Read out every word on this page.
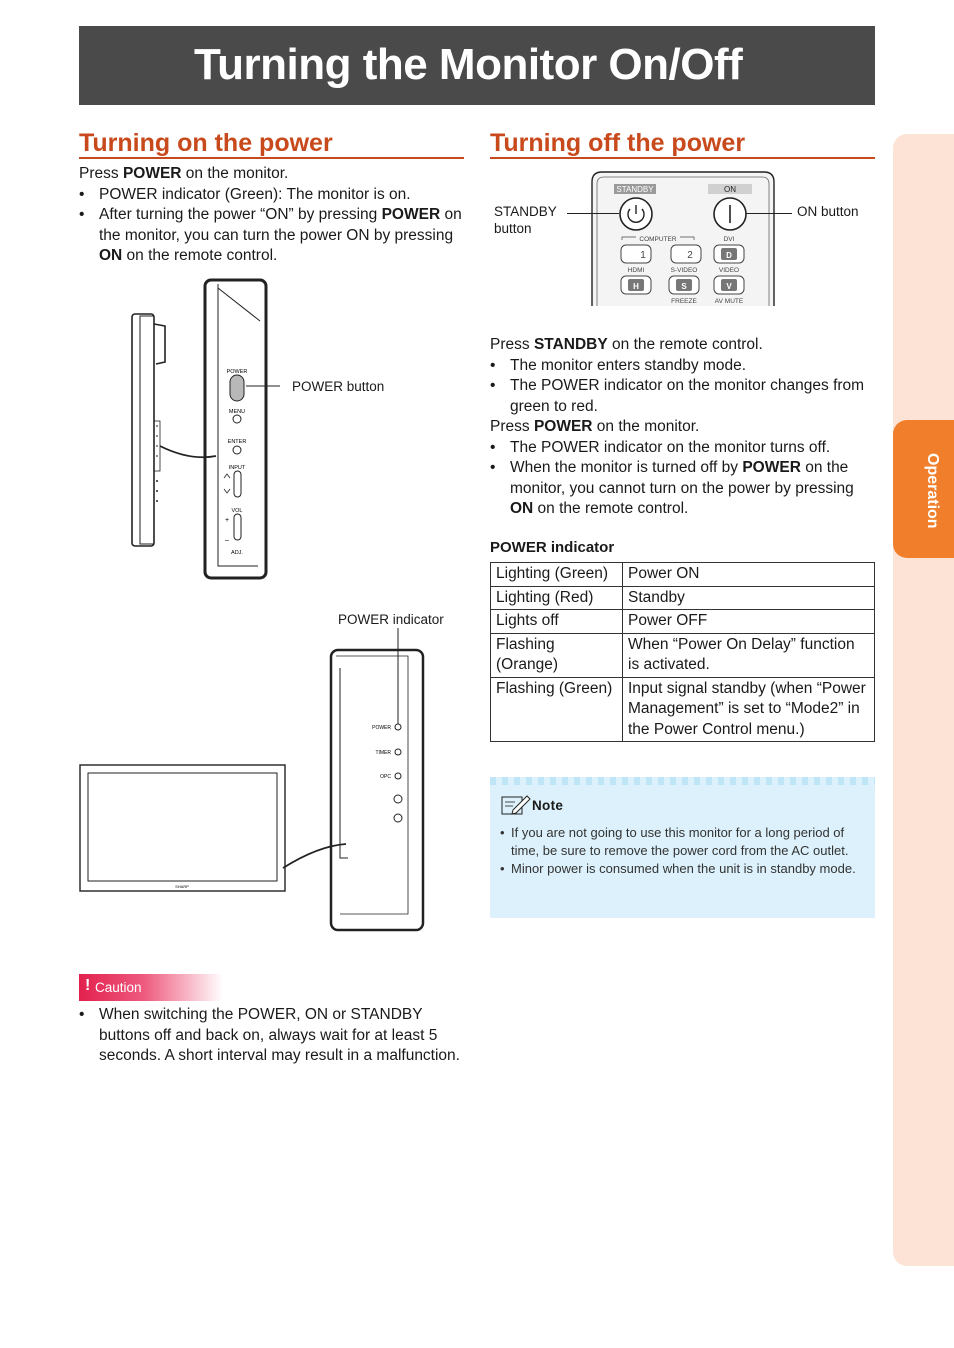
Turning the Monitor On/Off
Operation
Turning on the power
Press POWER on the monitor.
• POWER indicator (Green): The monitor is on.
• After turning the power “ON” by pressing POWER on the monitor, you can turn the power ON by pressing ON on the remote control.
POWER
MENU
ENTER
INPUT
VOL
+
–
ADJ.
POWER button
POWER indicator
SHARP
POWER
TIMER
OPC
! Caution
• When switching the POWER, ON or STANDBY buttons off and back on, always wait for at least 5 seconds. A short interval may result in a malfunction.
Turning off the power
STANDBY	ON
COMPUTER	DVI
1	2	D
HDMI	S-VIDEO	VIDEO
H	S	V
FREEZE	AV MUTE
STANDBY button
ON button
Press STANDBY on the remote control.
• The monitor enters standby mode.
• The POWER indicator on the monitor changes from green to red.
Press POWER on the monitor.
• The POWER indicator on the monitor turns off.
• When the monitor is turned off by POWER on the monitor, you cannot turn on the power by pressing ON on the remote control.
POWER indicator
Lighting (Green)	Power ON
Lighting (Red)	Standby
Lights off	Power OFF
Flashing (Orange)	When “Power On Delay” function is activated.
Flashing (Green)	Input signal standby (when “Power Management” is set to “Mode2” in the Power Control menu.)
Note
• If you are not going to use this monitor for a long period of time, be sure to remove the power cord from the AC outlet.
• Minor power is consumed when the unit is in standby mode.
